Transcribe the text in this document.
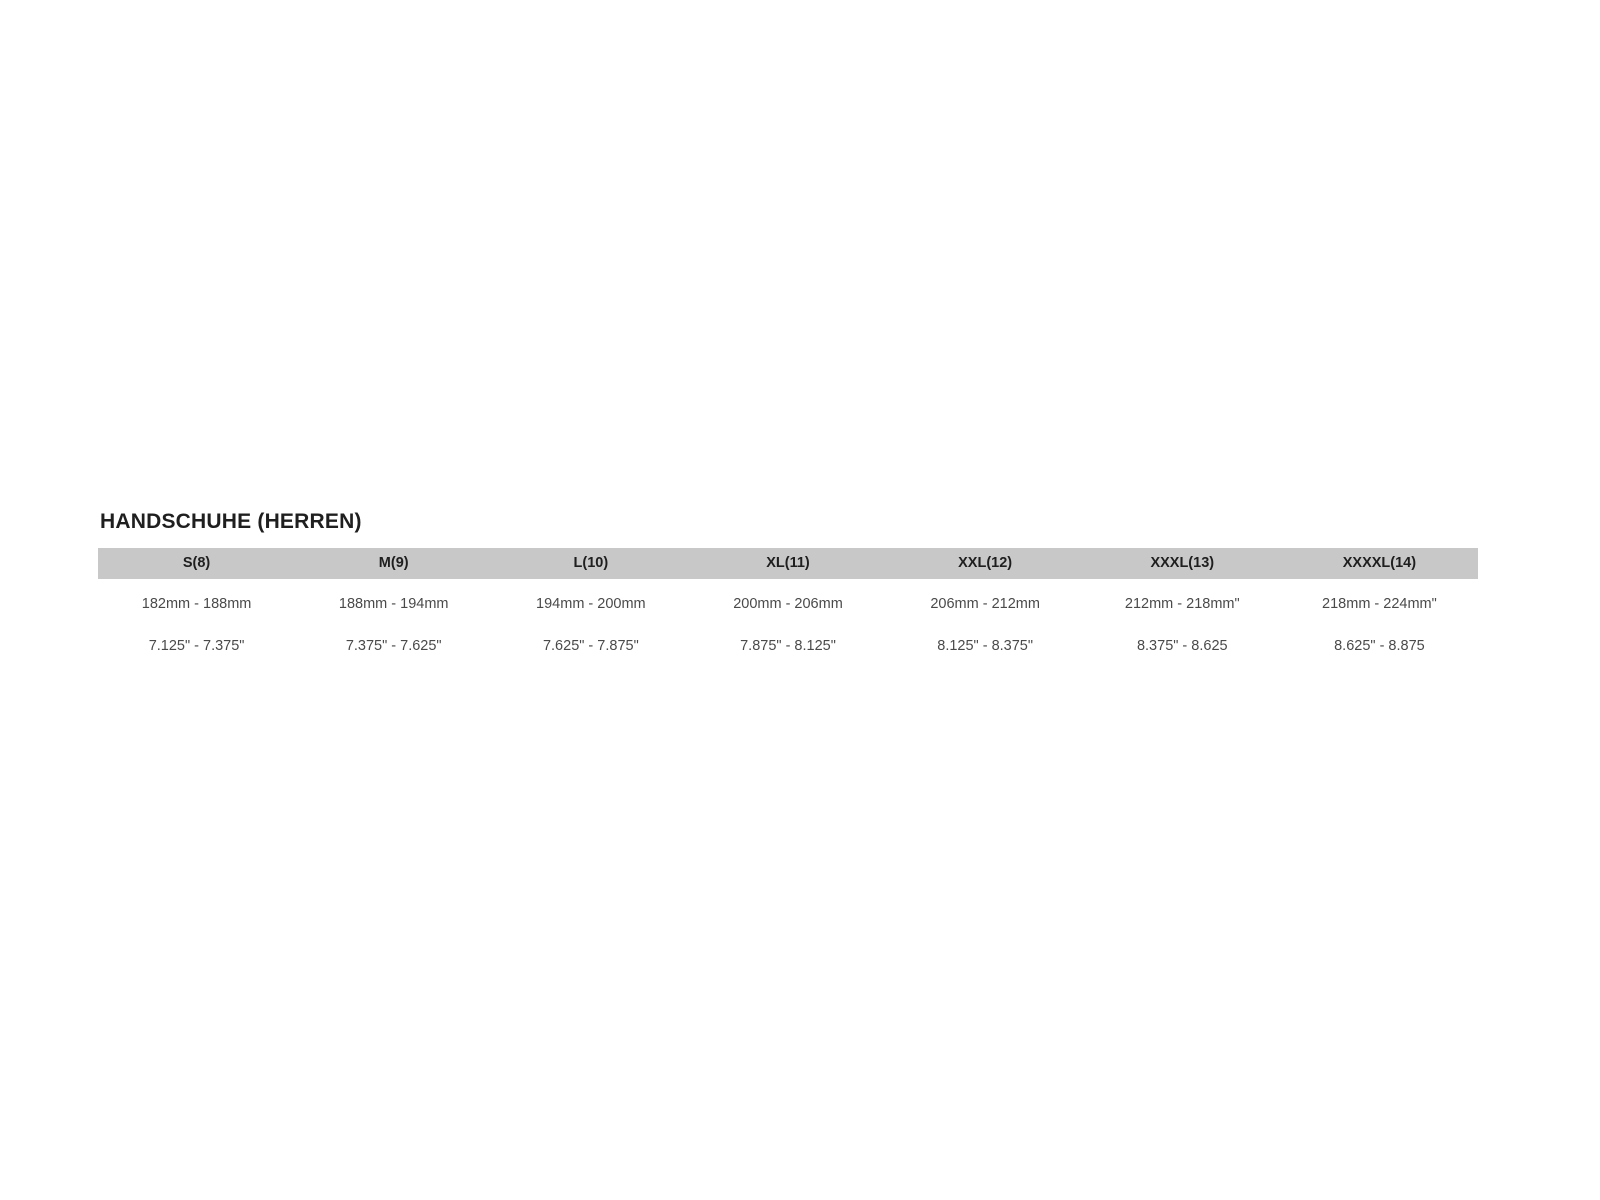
HANDSCHUHE (HERREN)
S(8)	M(9)	L(10)	XL(11)	XXL(12)	XXXL(13)	XXXXL(14)
182mm - 188mm	188mm - 194mm	194mm - 200mm	200mm - 206mm	206mm - 212mm	212mm - 218mm"	218mm - 224mm"
7.125" - 7.375"	7.375" - 7.625"	7.625" - 7.875"	7.875" - 8.125"	8.125" - 8.375"	8.375" - 8.625	8.625" - 8.875
